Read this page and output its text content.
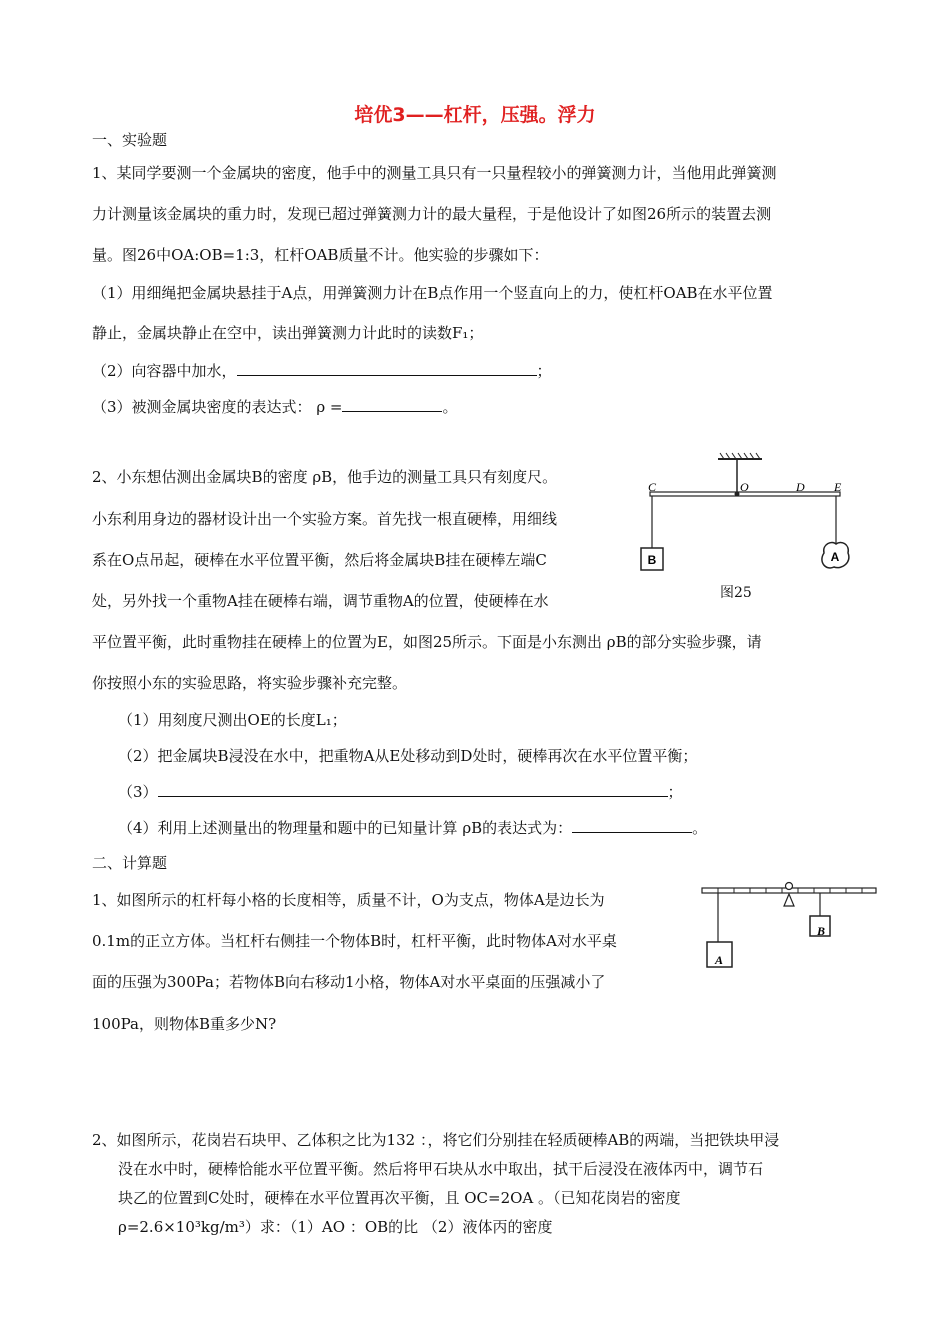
培优3——杠杆，压强。浮力
一、实验题
1、某同学要测一个金属块的密度，他手中的测量工具只有一只量程较小的弹簧测力计，当他用此弹簧测
力计测量该金属块的重力时，发现已超过弹簧测力计的最大量程，于是他设计了如图26所示的装置去测
量。图26中OA:OB=1:3，杠杆OAB质量不计。他实验的步骤如下：
（1）用细绳把金属块悬挂于A点，用弹簧测力计在B点作用一个竖直向上的力，使杠杆OAB在水平位置
静止，金属块静止在空中，读出弹簧测力计此时的读数F₁；
（2）向容器中加水，	；
（3）被测金属块密度的表达式： ρ =	。
2、小东想估测出金属块B的密度 ρB，他手边的测量工具只有刻度尺。
小东利用身边的器材设计出一个实验方案。首先找一根直硬棒，用细线
系在O点吊起，硬棒在水平位置平衡，然后将金属块B挂在硬棒左端C
处，另外找一个重物A挂在硬棒右端，调节重物A的位置，使硬棒在水
平位置平衡，此时重物挂在硬棒上的位置为E，如图25所示。下面是小东测出 ρB的部分实验步骤，请
你按照小东的实验思路，将实验步骤补充完整。
（1）用刻度尺测出OE的长度L₁；
（2）把金属块B浸没在水中，把重物A从E处移动到D处时，硬棒再次在水平位置平衡；
（3）	；
（4）利用上述测量出的物理量和题中的已知量计算 ρB的表达式为：	。
B	A
C	O	D E
图25
二、计算题
1、如图所示的杠杆每小格的长度相等，质量不计，O为支点，物体A是边长为
0.1m的正立方体。当杠杆右侧挂一个物体B时，杠杆平衡，此时物体A对水平桌
面的压强为300Pa；若物体B向右移动1小格，物体A对水平桌面的压强减小了
100Pa，则物体B重多少N?
A
B
2、如图所示，花岗岩石块甲、乙体积之比为132 ：，将它们分别挂在轻质硬棒AB的两端，当把铁块甲浸
没在水中时，硬棒恰能水平位置平衡。然后将甲石块从水中取出，拭干后浸没在液体丙中，调节石
块乙的位置到C处时，硬棒在水平位置再次平衡，且 OC=2OA 。（已知花岗岩的密度
ρ=2.6×10³kg/m³）求：（1）AO ：OB的比 （2）液体丙的密度
